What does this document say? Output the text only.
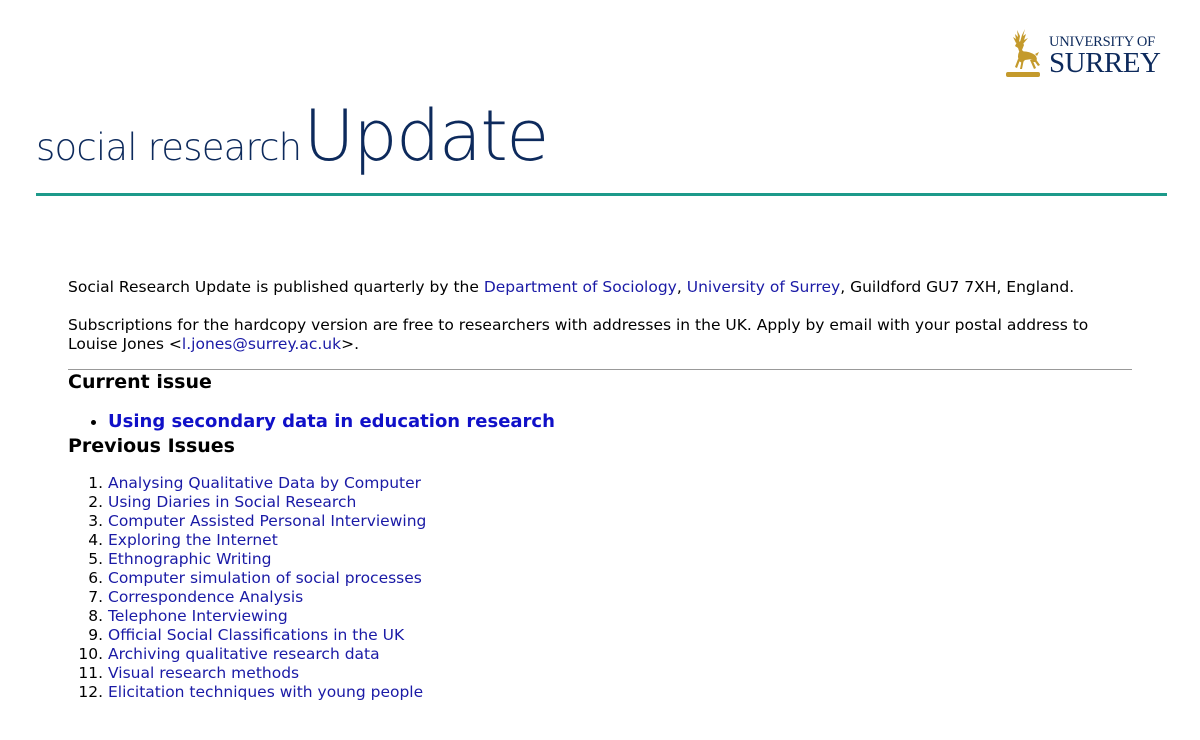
UNIVERSITY OF
SURREY
social researchUpdate

Social Research Update is published quarterly by the Department of Sociology, University of Surrey, Guildford GU7 7XH, England.

Subscriptions for the hardcopy version are free to researchers with addresses in the UK. Apply by email with your postal address to Louise Jones <l.jones@surrey.ac.uk>.

Current issue
• Using secondary data in education research
Previous Issues
1. Analysing Qualitative Data by Computer
2. Using Diaries in Social Research
3. Computer Assisted Personal Interviewing
4. Exploring the Internet
5. Ethnographic Writing
6. Computer simulation of social processes
7. Correspondence Analysis
8. Telephone Interviewing
9. Official Social Classifications in the UK
10. Archiving qualitative research data
11. Visual research methods
12. Elicitation techniques with young people
